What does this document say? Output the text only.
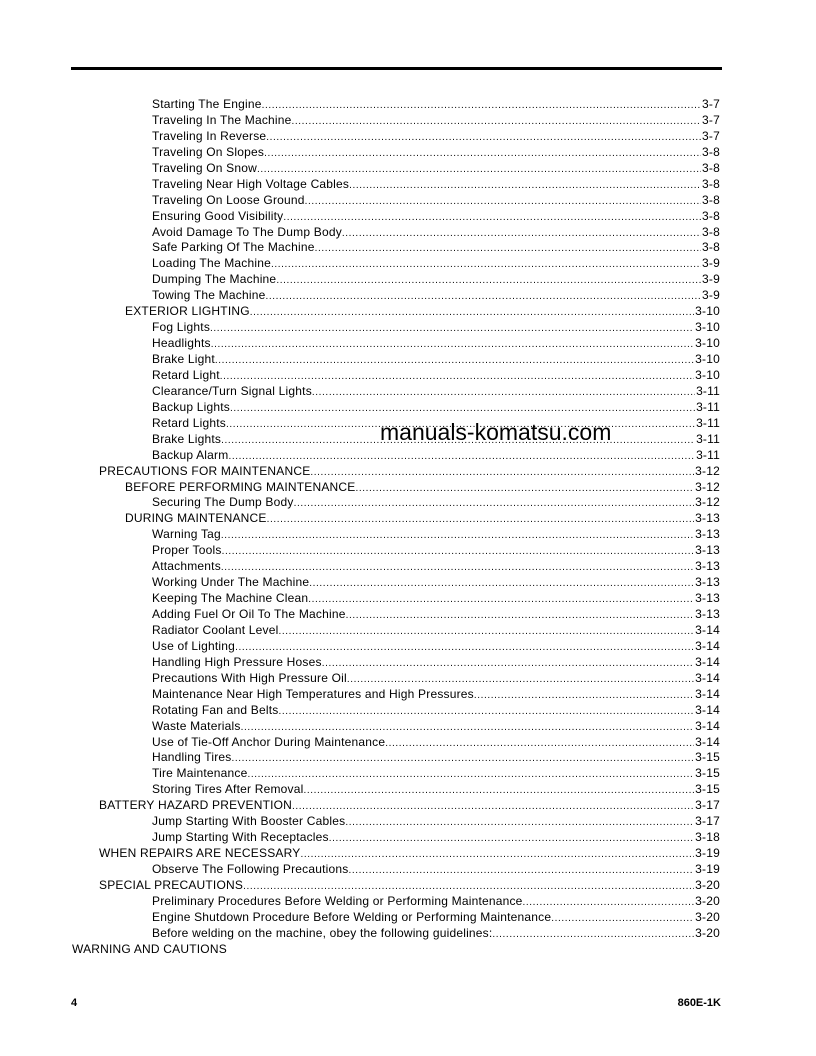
Starting The Engine .....	3-7
Traveling In The Machine .....	3-7
Traveling In Reverse .....	3-7
Traveling On Slopes .....	3-8
Traveling On Snow .....	3-8
Traveling Near High Voltage Cables .....	3-8
Traveling On Loose Ground .....	3-8
Ensuring Good Visibility .....	3-8
Avoid Damage To The Dump Body .....	3-8
Safe Parking Of The Machine .....	3-8
Loading The Machine .....	3-9
Dumping The Machine .....	3-9
Towing The Machine .....	3-9
EXTERIOR LIGHTING .....	3-10
Fog Lights .....	3-10
Headlights .....	3-10
Brake Light .....	3-10
Retard Light .....	3-10
Clearance/Turn Signal Lights .....	3-11
Backup Lights .....	3-11
Retard Lights .....	3-11
Brake Lights .....	3-11
Backup Alarm .....	3-11
PRECAUTIONS FOR MAINTENANCE .....	3-12
BEFORE PERFORMING MAINTENANCE .....	3-12
Securing The Dump Body .....	3-12
DURING MAINTENANCE .....	3-13
Warning Tag .....	3-13
Proper Tools .....	3-13
Attachments .....	3-13
Working Under The Machine .....	3-13
Keeping The Machine Clean .....	3-13
Adding Fuel Or Oil To The Machine .....	3-13
Radiator Coolant Level .....	3-14
Use of Lighting .....	3-14
Handling High Pressure Hoses .....	3-14
Precautions With High Pressure Oil .....	3-14
Maintenance Near High Temperatures and High Pressures .....	3-14
Rotating Fan and Belts .....	3-14
Waste Materials .....	3-14
Use of Tie-Off Anchor During Maintenance .....	3-14
Handling Tires .....	3-15
Tire Maintenance .....	3-15
Storing Tires After Removal .....	3-15
BATTERY HAZARD PREVENTION .....	3-17
Jump Starting With Booster Cables .....	3-17
Jump Starting With Receptacles .....	3-18
WHEN REPAIRS ARE NECESSARY .....	3-19
Observe The Following Precautions .....	3-19
SPECIAL PRECAUTIONS .....	3-20
Preliminary Procedures Before Welding or Performing Maintenance .....	3-20
Engine Shutdown Procedure Before Welding or Performing Maintenance .....	3-20
Before welding on the machine, obey the following guidelines: .....	3-20
WARNING AND CAUTIONS
manuals-komatsu.com
4	860E-1K
